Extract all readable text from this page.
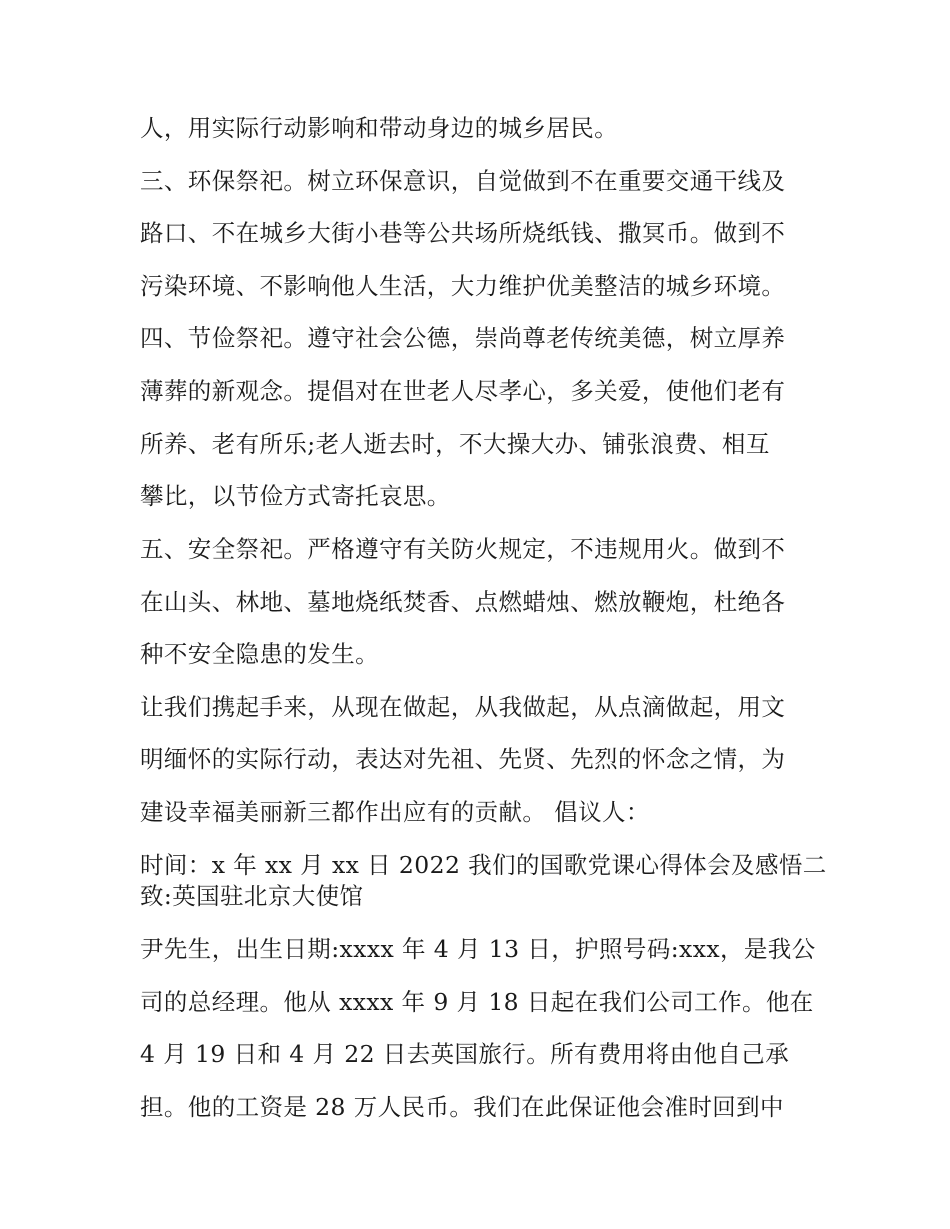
人，用实际行动影响和带动身边的城乡居民。
三、环保祭祀。树立环保意识，自觉做到不在重要交通干线及
路口、不在城乡大街小巷等公共场所烧纸钱、撒冥币。做到不
污染环境、不影响他人生活，大力维护优美整洁的城乡环境。
四、节俭祭祀。遵守社会公德，崇尚尊老传统美德，树立厚养
薄葬的新观念。提倡对在世老人尽孝心，多关爱，使他们老有
所养、老有所乐;老人逝去时，不大操大办、铺张浪费、相互
攀比，以节俭方式寄托哀思。
五、安全祭祀。严格遵守有关防火规定，不违规用火。做到不
在山头、林地、墓地烧纸焚香、点燃蜡烛、燃放鞭炮，杜绝各
种不安全隐患的发生。
让我们携起手来，从现在做起，从我做起，从点滴做起，用文
明缅怀的实际行动，表达对先祖、先贤、先烈的怀念之情，为
建设幸福美丽新三都作出应有的贡献。 倡议人：
时间：x 年 xx 月 xx 日 2022 我们的国歌党课心得体会及感悟二
致:英国驻北京大使馆
尹先生，出生日期:xxxx 年 4 月 13 日，护照号码:xxx，是我公
司的总经理。他从 xxxx 年 9 月 18 日起在我们公司工作。他在
4 月 19 日和 4 月 22 日去英国旅行。所有费用将由他自己承
担。他的工资是 28 万人民币。我们在此保证他会准时回到中
